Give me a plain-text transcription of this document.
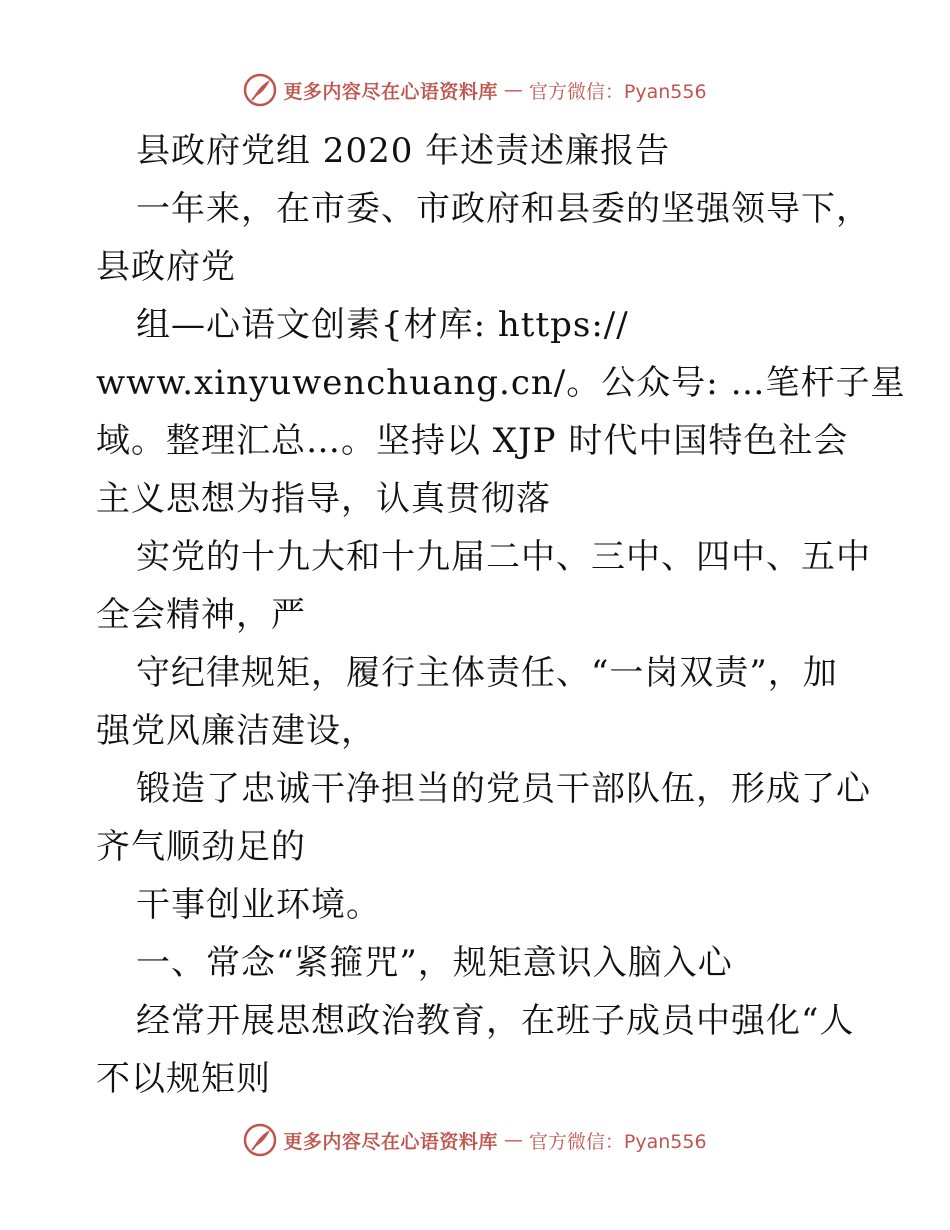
更多内容尽在心语资料库 — 官方微信：Pyan556
县政府党组 2020 年述责述廉报告
一年来，在市委、市政府和县委的坚强领导下，
县政府党
组—心语文创素{材库: https://
www.xinyuwenchuang.cn/。公众号: …笔杆子星
域。整理汇总…。坚持以 XJP 时代中国特色社会
主义思想为指导，认真贯彻落
实党的十九大和十九届二中、三中、四中、五中
全会精神，严
守纪律规矩，履行主体责任、“一岗双责”，加
强党风廉洁建设，
锻造了忠诚干净担当的党员干部队伍，形成了心
齐气顺劲足的
干事创业环境。
一、常念“紧箍咒”，规矩意识入脑入心
经常开展思想政治教育，在班子成员中强化“人
不以规矩则
更多内容尽在心语资料库 — 官方微信：Pyan556
